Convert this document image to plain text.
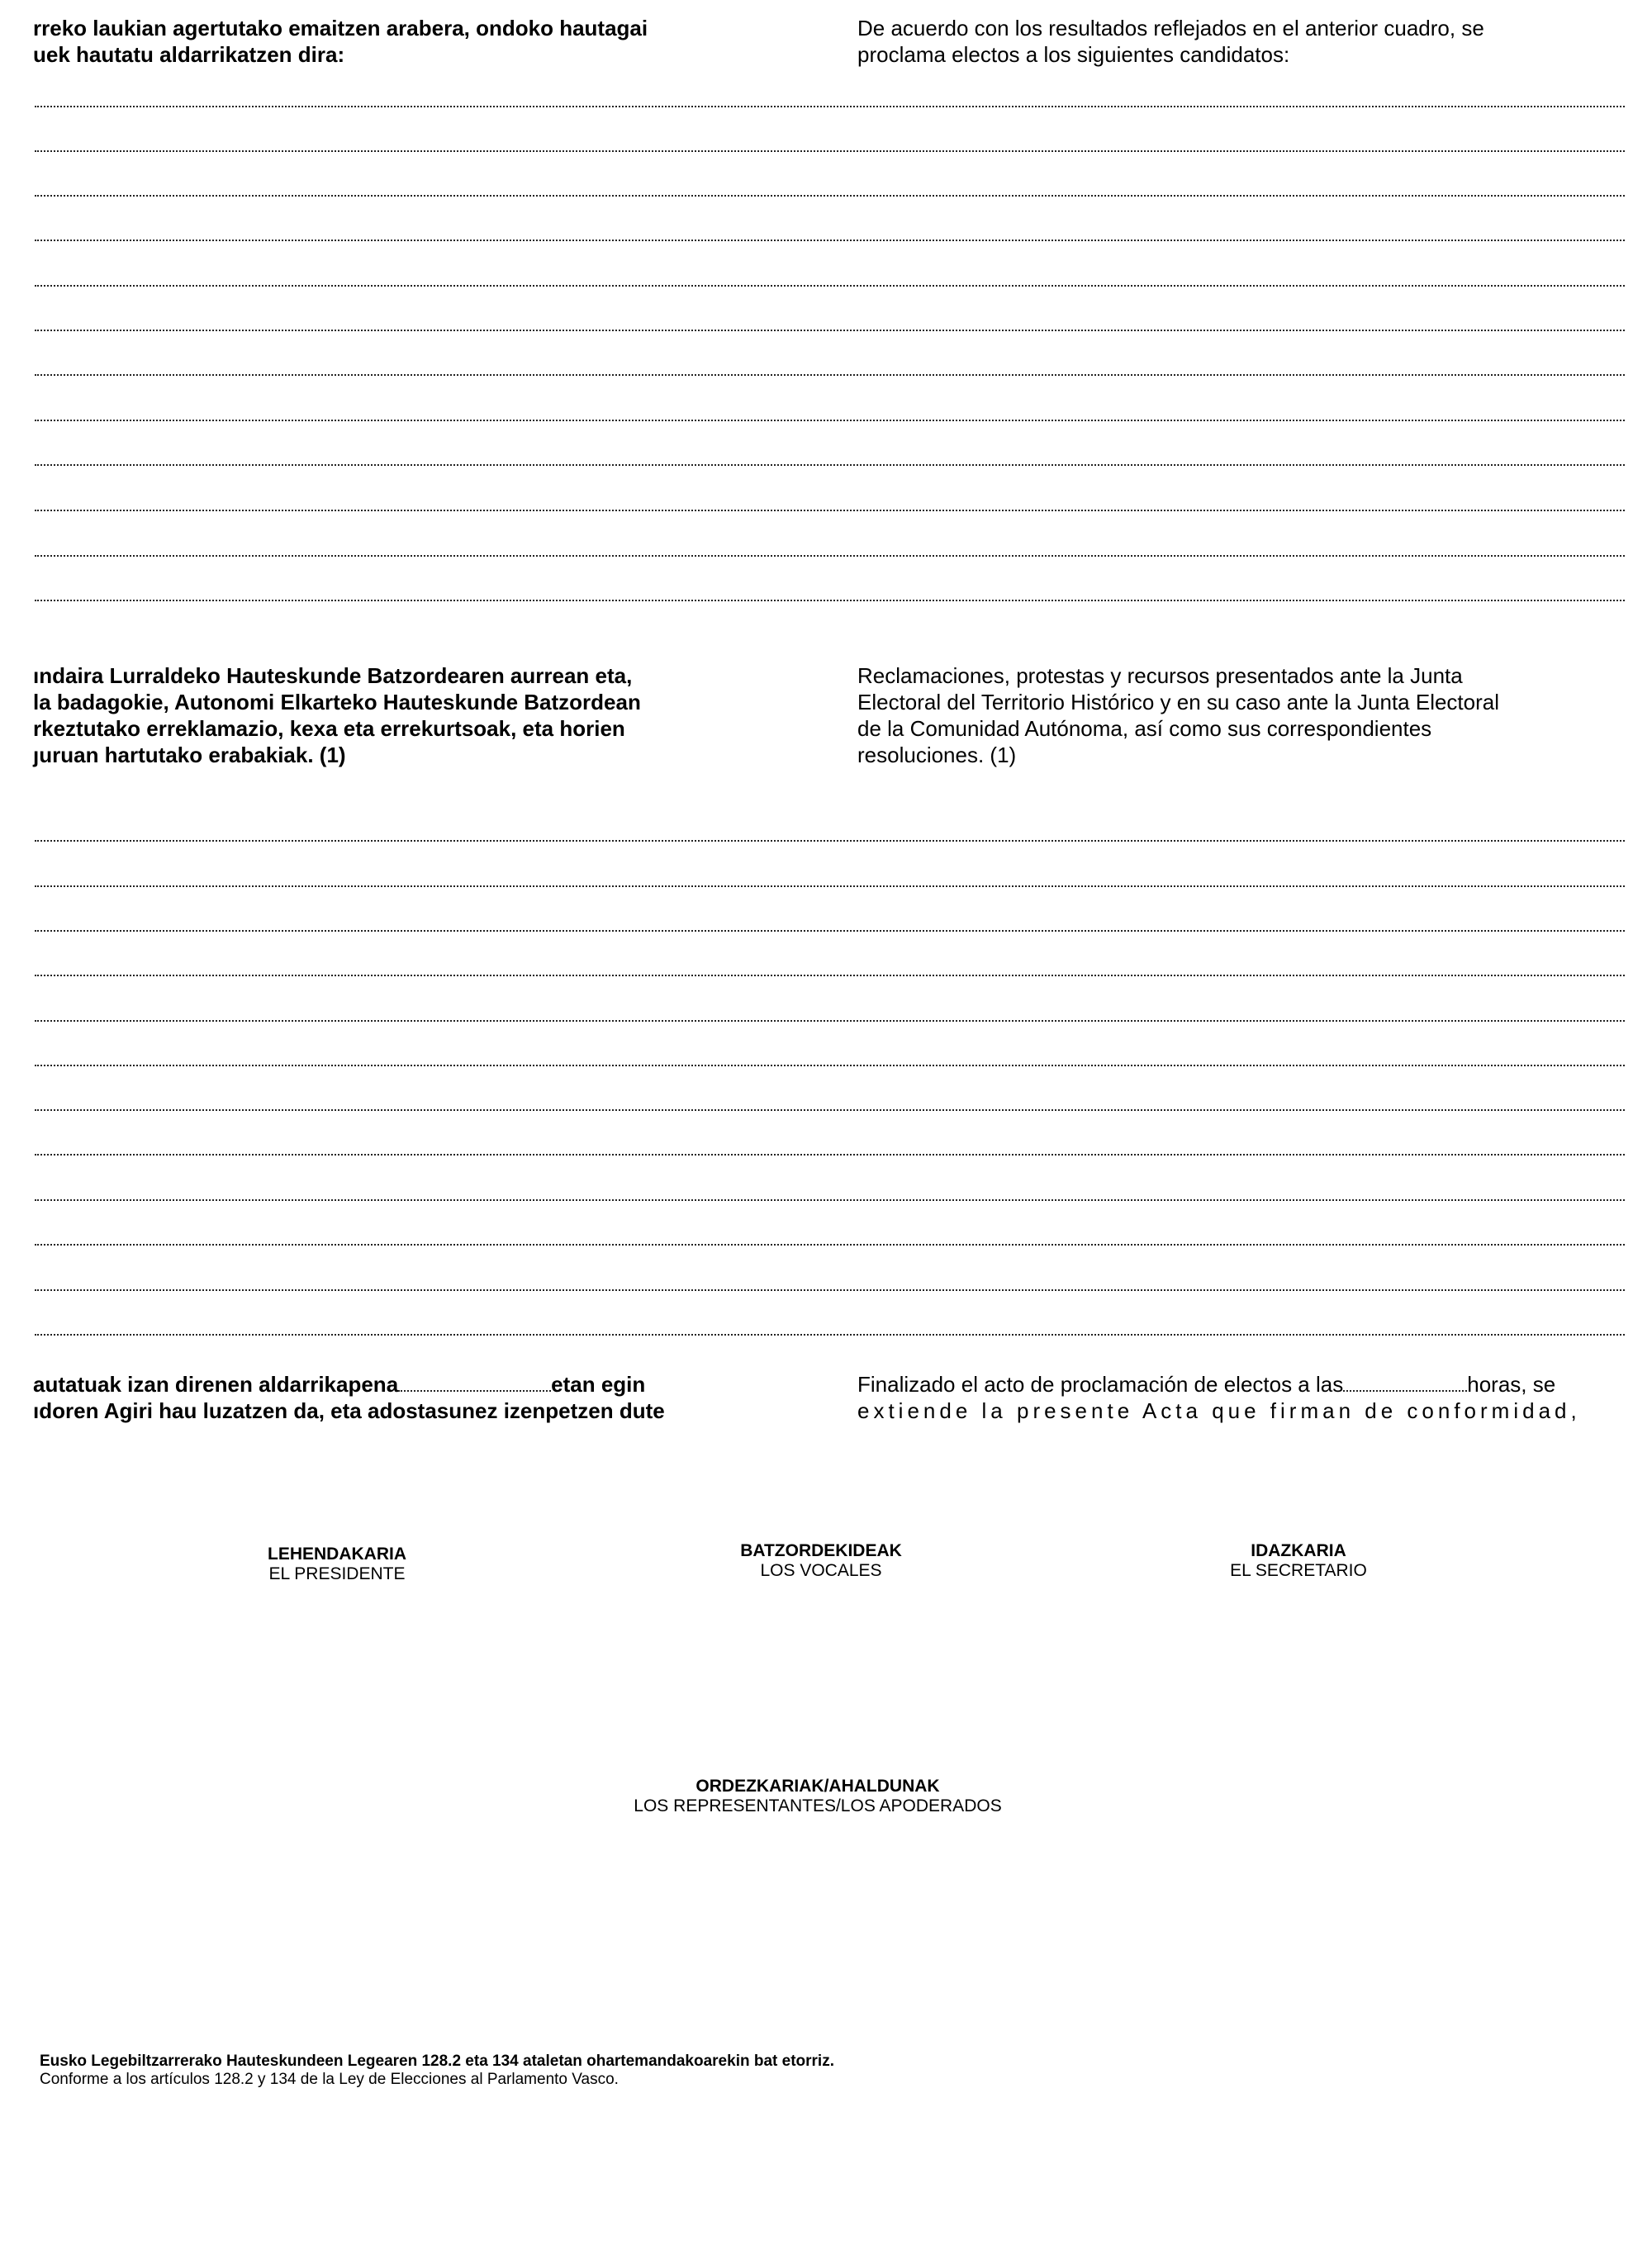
rreko laukian agertutako emaitzen arabera, ondoko hautagai
uek hautatu aldarrikatzen dira:
De acuerdo con los resultados reflejados en el anterior cuadro, se
proclama electos a los siguientes candidatos:
ındaira Lurraldeko Hauteskunde Batzordearen aurrean eta,
la badagokie, Autonomi Elkarteko Hauteskunde Batzordean
rkeztutako erreklamazio, kexa eta errekurtsoak, eta horien
ȷuruan hartutako erabakiak. (1)
Reclamaciones, protestas y recursos presentados ante la Junta
Electoral del Territorio Histórico y en su caso ante la Junta Electoral
de la Comunidad Autónoma, así como sus correspondientes
resoluciones. (1)
autatuak izan direnen aldarrikapena	etan egin
ıdoren Agiri hau luzatzen da, eta adostasunez izenpetzen dute
Finalizado el acto de proclamación de electos a las	horas, se
extiende la presente Acta que firman de conformidad,
LEHENDAKARIA
EL PRESIDENTE
BATZORDEKIDEAK
LOS VOCALES
IDAZKARIA
EL SECRETARIO
ORDEZKARIAK/AHALDUNAK
LOS REPRESENTANTES/LOS APODERADOS
Eusko Legebiltzarrerako Hauteskundeen Legearen 128.2 eta 134 ataletan ohartemandakoarekin bat etorriz.
Conforme a los artículos 128.2 y 134 de la Ley de Elecciones al Parlamento Vasco.
